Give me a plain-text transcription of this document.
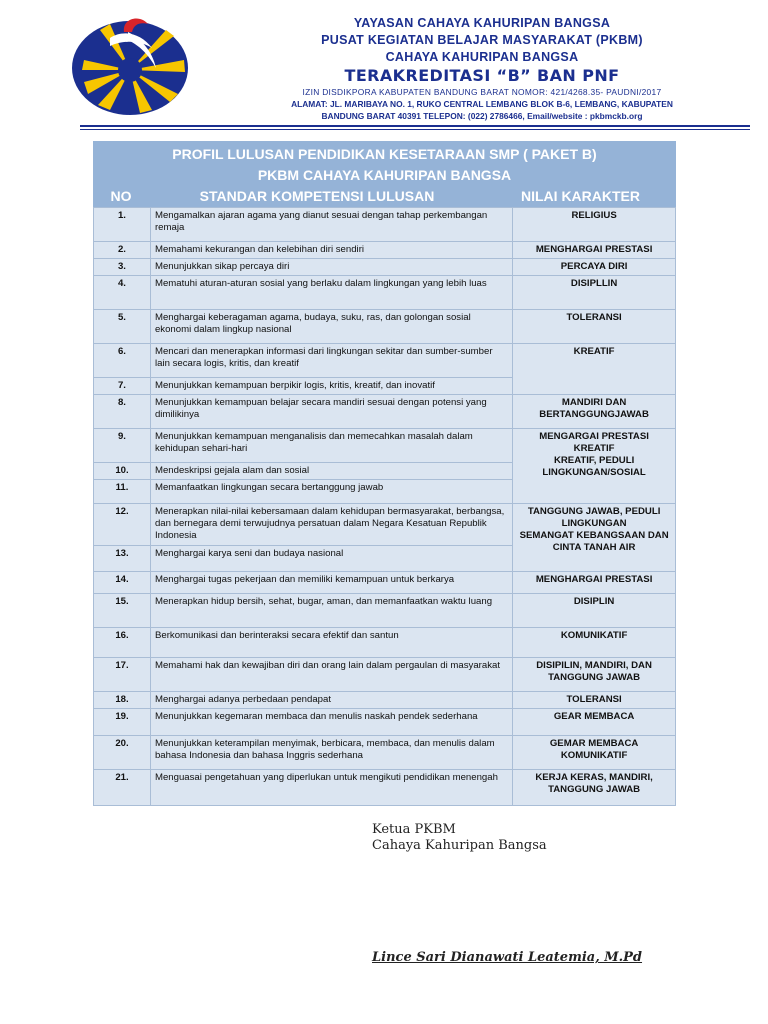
YAYASAN CAHAYA KAHURIPAN BANGSA
PUSAT KEGIATAN BELAJAR MASYARAKAT (PKBM)
CAHAYA KAHURIPAN BANGSA
TERAKREDITASI “B” BAN PNF
IZIN DISDIKPORA KABUPATEN BANDUNG BARAT NOMOR: 421/4268.35- PAUDNI/2017
ALAMAT: JL. MARIBAYA NO. 1, RUKO CENTRAL LEMBANG BLOK B-6, LEMBANG, KABUPATEN
BANDUNG BARAT 40391 TELEPON: (022) 2786466, Email/website : pkbmckb.org
PROFIL LULUSAN PENDIDIKAN KESETARAAN SMP ( PAKET B)
PKBM CAHAYA KAHURIPAN BANGSA
NO	STANDAR KOMPETENSI LULUSAN	NILAI KARAKTER
1.	Mengamalkan ajaran agama yang dianut sesuai dengan tahap perkembangan remaja	RELIGIUS
2.	Memahami kekurangan dan kelebihan diri sendiri	MENGHARGAI PRESTASI
3.	Menunjukkan sikap percaya diri	PERCAYA DIRI
4.	Mematuhi aturan-aturan sosial yang berlaku dalam lingkungan yang lebih luas	DISIPLLIN
5.	Menghargai keberagaman agama, budaya, suku, ras, dan golongan sosial ekonomi dalam lingkup nasional	TOLERANSI
6.	Mencari dan menerapkan informasi dari lingkungan sekitar dan sumber-sumber lain secara logis, kritis, dan kreatif	KREATIF
7.	Menunjukkan kemampuan berpikir logis, kritis, kreatif, dan inovatif	
8.	Menunjukkan kemampuan belajar secara mandiri sesuai dengan potensi yang dimilikinya	MANDIRI DAN
BERTANGGUNGJAWAB

9.	Menunjukkan kemampuan menganalisis dan memecahkan masalah dalam kehidupan sehari-hari	MENGARGAI PRESTASI
KREATIF
KREATIF, PEDULI
LINGKUNGAN/SOSIAL

10.	Mendeskripsi gejala alam dan sosial	
11.	Memanfaatkan lingkungan secara bertanggung jawab	
12.	Menerapkan nilai-nilai kebersamaan dalam kehidupan bermasyarakat, berbangsa, dan bernegara demi terwujudnya persatuan dalam Negara Kesatuan Republik Indonesia	TANGGUNG JAWAB, PEDULI
LINGKUNGAN
SEMANGAT KEBANGSAAN DAN
CINTA TANAH AIR

13.	Menghargai karya seni dan budaya nasional	
14.	Menghargai tugas pekerjaan dan memiliki kemampuan untuk berkarya	MENGHARGAI PRESTASI
15.	Menerapkan hidup bersih, sehat, bugar, aman, dan memanfaatkan waktu luang	DISIPLIN
16.	Berkomunikasi dan berinteraksi secara efektif dan santun	KOMUNIKATIF
17.	Memahami hak dan kewajiban diri dan orang lain dalam pergaulan di masyarakat	DISIPILIN, MANDIRI, DAN
TANGGUNG JAWAB

18.	Menghargai adanya perbedaan pendapat	TOLERANSI
19.	Menunjukkan kegemaran membaca dan menulis naskah pendek sederhana	GEAR MEMBACA
20.	Menunjukkan keterampilan menyimak, berbicara, membaca, dan menulis dalam bahasa Indonesia dan bahasa Inggris sederhana	GEMAR MEMBACA
KOMUNIKATIF

21.	Menguasai pengetahuan yang diperlukan untuk mengikuti pendidikan menengah	KERJA KERAS, MANDIRI,
TANGGUNG JAWAB
Ketua PKBM
Cahaya Kahuripan Bangsa
Lince Sari Dianawati Leatemia, M.Pd
